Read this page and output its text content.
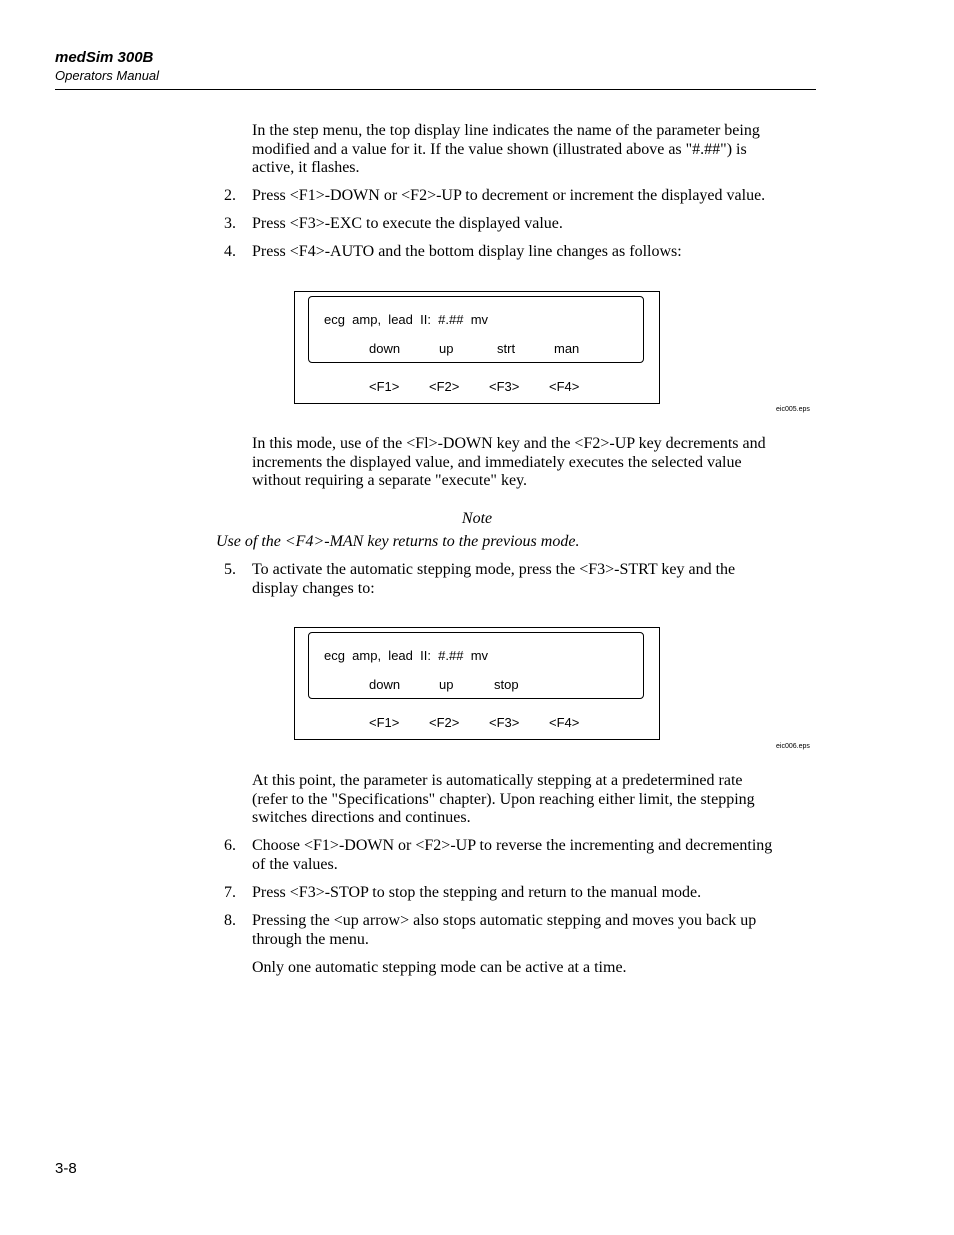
medSim 300B
Operators Manual
In the step menu, the top display line indicates the name of the parameter being
modified and a value for it. If the value shown (illustrated above as "#.##") is
active, it flashes.
2. Press <F1>-DOWN or <F2>-UP to decrement or increment the displayed value.
3. Press <F3>-EXC to execute the displayed value.
4. Press <F4>-AUTO and the bottom display line changes as follows:
ecg  amp,  lead  II:  #.##  mv
down	up	strt	man
<F1> <F2> <F3> <F4>
eic005.eps
In this mode, use of the <Fl>-DOWN key and the <F2>-UP key decrements and
increments the displayed value, and immediately executes the selected value
without requiring a separate "execute" key.
Note
Use of the <F4>-MAN key returns to the previous mode.
5. To activate the automatic stepping mode, press the <F3>-STRT key and the
display changes to:
ecg  amp,  lead  II:  #.##  mv
down	up	stop
<F1> <F2> <F3> <F4>
eic006.eps
At this point, the parameter is automatically stepping at a predetermined rate
(refer to the "Specifications" chapter). Upon reaching either limit, the stepping
switches directions and continues.
6. Choose <F1>-DOWN or <F2>-UP to reverse the incrementing and decrementing
of the values.
7. Press <F3>-STOP to stop the stepping and return to the manual mode.
8. Pressing the <up arrow> also stops automatic stepping and moves you back up
through the menu.
Only one automatic stepping mode can be active at a time.
3-8
